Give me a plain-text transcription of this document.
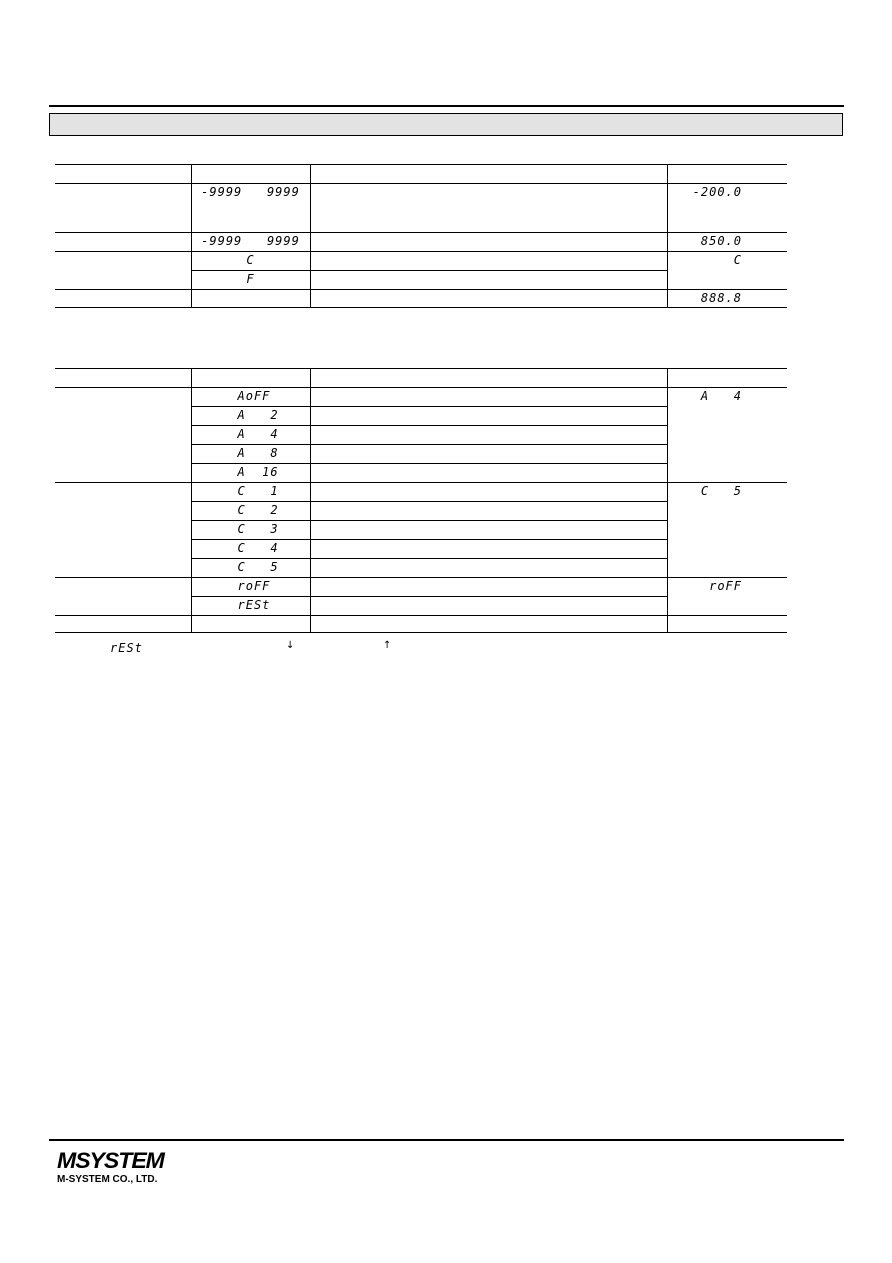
	-9999   9999		-200.0

	-9999   9999		850.0

	C		C

	F		

			888.8

	AoFF		A   4

	A   2		

	A   4		

	A   8		

	A  16		

	C   1		C   5

	C   2		

	C   3		

	C   4		

	C   5		

	roFF		roFF

	rESt		

rESt	↓	↑
MSYSTEM
M-SYSTEM CO., LTD.
